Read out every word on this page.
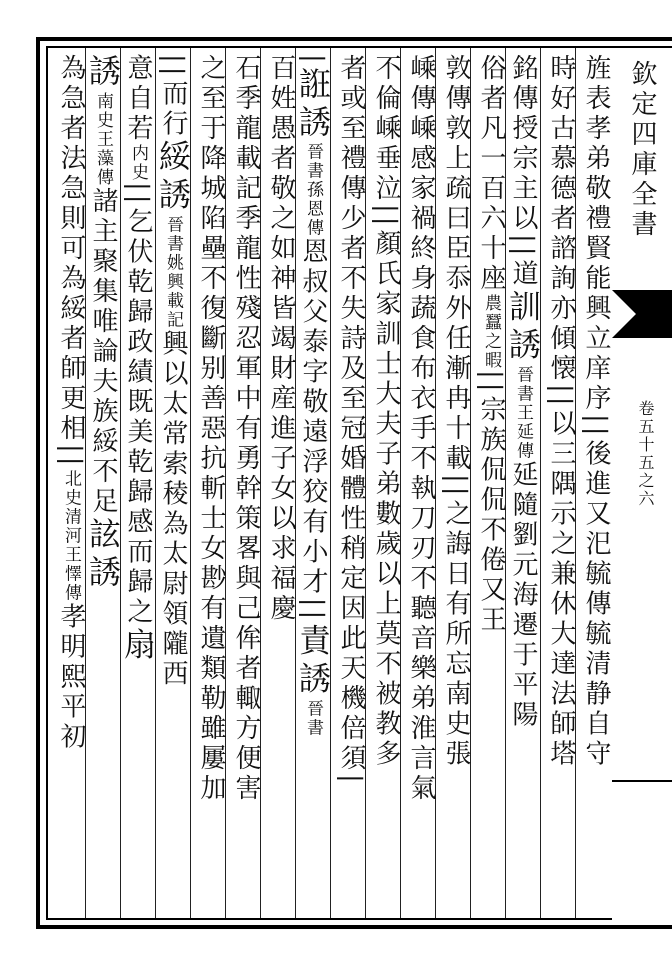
欽定四庫全書
卷五十五之六
旌表孝弟敬禮賢能興立庠序||後進又汜毓傳毓清静自守
時好古慕德者諮詢亦傾懐||以三隅示之兼休大達法師塔
銘傳授宗主以||道訓誘晉書王延傳延隨劉元海遷于平陽
俗者凡一百六十座農蠶之暇||宗族侃侃不倦又王
敦傳敦上疏曰臣忝外任漸冉十載||之誨日有所忘南史張
嵊傳嵊感家禍終身蔬食布衣手不執刀刃不聽音樂弟淮言氣
不倫嵊垂泣||顏氏家訓士大夫子弟數歲以上莫不被教多
者或至禮傳少者不失詩及至冠婚體性稍定因此天機倍須|
|誑誘晉書孫恩傳恩叔父泰字敬遠浮狡有小才||責誘晉書
百姓愚者敬之如神皆竭財産進子女以求福慶
石季龍載記季龍性殘忍軍中有勇幹策畧與己侔者輙方便害
之至于降城陷壘不復斷别善惡抗斬士女尠有遺類勒雖屢加
||而行綏誘晉書姚興載記興以太常索稜為太尉領隴西
意自若内史||乞伏乾歸政績既美乾歸感而歸之扇
誘南史王藻傳諸主聚集唯論夫族綏不足詃誘
為急者法急則可為綏者師更相||北史清河王懌傳孝明熙平初
